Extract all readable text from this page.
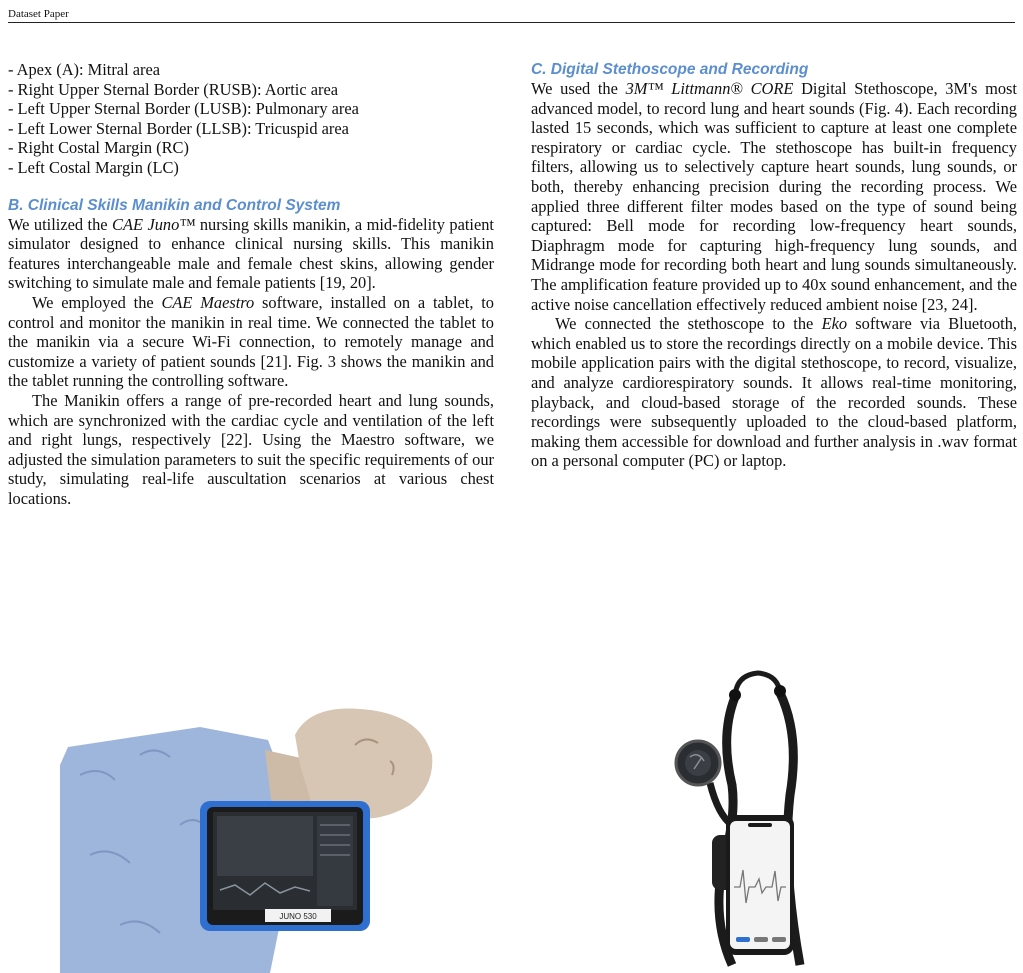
Dataset Paper
- Apex (A): Mitral area
- Right Upper Sternal Border (RUSB): Aortic area
- Left Upper Sternal Border (LUSB): Pulmonary area
- Left Lower Sternal Border (LLSB): Tricuspid area
- Right Costal Margin (RC)
- Left Costal Margin (LC)
B. Clinical Skills Manikin and Control System

We utilized the CAE Juno™ nursing skills manikin, a mid-fidelity patient simulator designed to enhance clinical nursing skills. This manikin features interchangeable male and female chest skins, allowing gender switching to simulate male and female patients [19, 20].

We employed the CAE Maestro software, installed on a tablet, to control and monitor the manikin in real time. We connected the tablet to the manikin via a secure Wi-Fi connection, to remotely manage and customize a variety of patient sounds [21]. Fig. 3 shows the manikin and the tablet running the controlling software.

The Manikin offers a range of pre-recorded heart and lung sounds, which are synchronized with the cardiac cycle and ventilation of the left and right lungs, respectively [22]. Using the Maestro software, we adjusted the simulation parameters to suit the specific requirements of our study, simulating real-life auscultation scenarios at various chest locations.

C. Digital Stethoscope and Recording

We used the 3M™ Littmann® CORE Digital Stethoscope, 3M's most advanced model, to record lung and heart sounds (Fig. 4). Each recording lasted 15 seconds, which was sufficient to capture at least one complete respiratory or cardiac cycle. The stethoscope has built-in frequency filters, allowing us to selectively capture heart sounds, lung sounds, or both, thereby enhancing precision during the recording process. We applied three different filter modes based on the type of sound being captured: Bell mode for recording low-frequency heart sounds, Diaphragm mode for capturing high-frequency lung sounds, and Midrange mode for recording both heart and lung sounds simultaneously. The amplification feature provided up to 40x sound enhancement, and the active noise cancellation effectively reduced ambient noise [23, 24].

We connected the stethoscope to the Eko software via Bluetooth, which enabled us to store the recordings directly on a mobile device. This mobile application pairs with the digital stethoscope, to record, visualize, and analyze cardiorespiratory sounds. It allows real-time monitoring, playback, and cloud-based storage of the recorded sounds. These recordings were subsequently uploaded to the cloud-based platform, making them accessible for download and further analysis in .wav format on a personal computer (PC) or laptop.

JUNO 530
